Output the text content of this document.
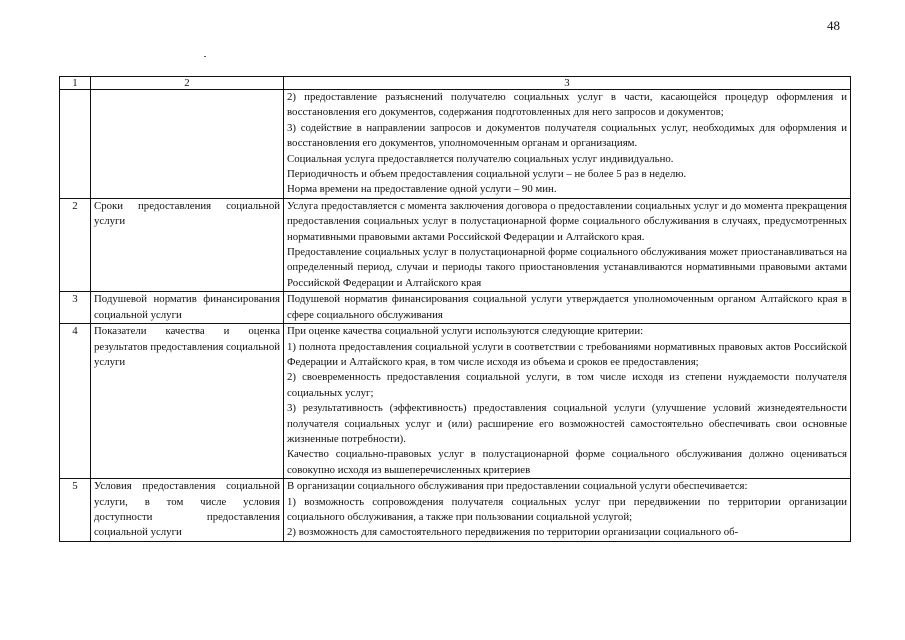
48
1	2	3

		2) предоставление разъяснений получателю социальных услуг в части, касающейся процедур оформления и восстановления его документов, содержания подготовленных для него запросов и документов;

3) содействие в направлении запросов и документов получателя социальных услуг, необходимых для оформления и восстановления его документов, уполномоченным органам и организациям.

Социальная услуга предоставляется получателю социальных услуг индивидуально.

Периодичность и объем предоставления социальной услуги – не более 5 раз в неделю.

Норма времени на предоставление одной услуги – 90 мин.

2	Сроки предоставления социальной услуги	Услуга предоставляется с момента заключения договора о предоставлении социальных услуг и до момента прекращения предоставления социальных услуг в полустационарной форме социального обслуживания в случаях, предусмотренных нормативными правовыми актами Российской Федерации и Алтайского края.

Предоставление социальных услуг в полустационарной форме социального обслуживания может приостанавливаться на определенный период, случаи и периоды такого приостановления устанавливаются нормативными правовыми актами Российской Федерации и Алтайского края

3	Подушевой норматив финансирования социальной услуги	Подушевой норматив финансирования социальной услуги утверждается уполномоченным органом Алтайского края в сфере социального обслуживания

4	Показатели качества и оценка результатов предоставления социальной услуги	При оценке качества социальной услуги используются следующие критерии:

1) полнота предоставления социальной услуги в соответствии с требованиями нормативных правовых актов Российской Федерации и Алтайского края, в том числе исходя из объема и сроков ее предоставления;

2) своевременность предоставления социальной услуги, в том числе исходя из степени нуждаемости получателя социальных услуг;

3) результативность (эффективность) предоставления социальной услуги (улучшение условий жизнедеятельности получателя социальных услуг и (или) расширение его возможностей самостоятельно обеспечивать свои основные жизненные потребности).

Качество социально-правовых услуг в полустационарной форме социального обслуживания должно оцениваться совокупно исходя из вышеперечисленных критериев

5	Условия предоставления социальной услуги, в том числе условия доступности предоставления социальной услуги	В организации социального обслуживания при предоставлении социальной услуги обеспечивается:

1) возможность сопровождения получателя социальных услуг при передвижении по территории организации социального обслуживания, а также при пользовании социальной услугой;

2) возможность для самостоятельного передвижения по территории организации социального об-
